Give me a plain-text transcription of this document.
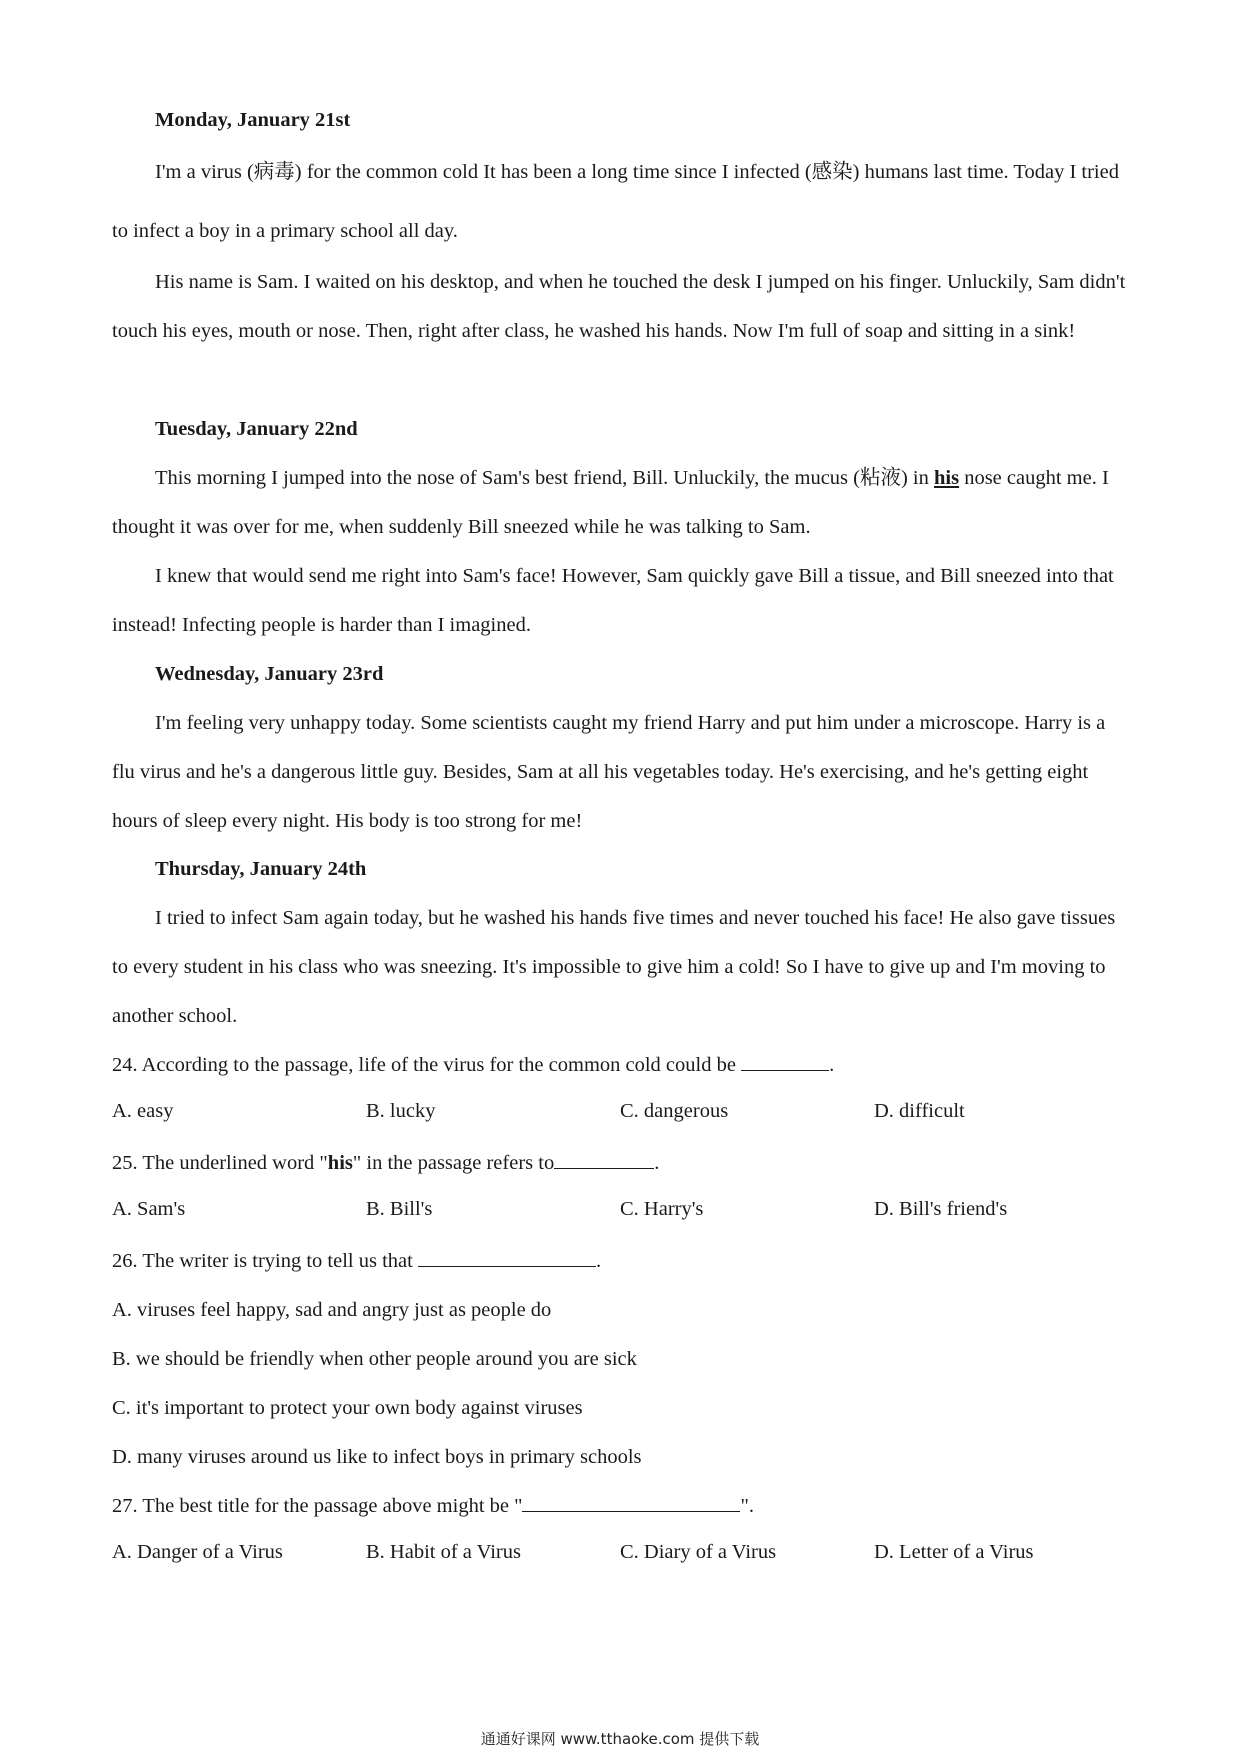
Monday, January 21st
I'm a virus (病毒) for the common cold It has been a long time since I infected (感染) humans last time. Today I tried to infect a boy in a primary school all day.
His name is Sam. I waited on his desktop, and when he touched the desk I jumped on his finger. Unluckily, Sam didn't touch his eyes, mouth or nose. Then, right after class, he washed his hands. Now I'm full of soap and sitting in a sink!
Tuesday, January 22nd
This morning I jumped into the nose of Sam's best friend, Bill. Unluckily, the mucus (粘液) in his nose caught me. I thought it was over for me, when suddenly Bill sneezed while he was talking to Sam.
I knew that would send me right into Sam's face! However, Sam quickly gave Bill a tissue, and Bill sneezed into that instead! Infecting people is harder than I imagined.
Wednesday, January 23rd
I'm feeling very unhappy today. Some scientists caught my friend Harry and put him under a microscope. Harry is a flu virus and he's a dangerous little guy. Besides, Sam at all his vegetables today. He's exercising, and he's getting eight hours of sleep every night. His body is too strong for me!
Thursday, January 24th
I tried to infect Sam again today, but he washed his hands five times and never touched his face! He also gave tissues to every student in his class who was sneezing. It's impossible to give him a cold! So I have to give up and I'm moving to another school.
24. According to the passage, life of the virus for the common cold could be	.
A. easy	B. lucky	C. dangerous	D. difficult
25. The underlined word "his" in the passage refers to	.
A. Sam's	B. Bill's	C. Harry's	D. Bill's friend's
26. The writer is trying to tell us that	.
A. viruses feel happy, sad and angry just as people do
B. we should be friendly when other people around you are sick
C. it's important to protect your own body against viruses
D. many viruses around us like to infect boys in primary schools
27. The best title for the passage above might be "	".
A. Danger of a Virus	B. Habit of a Virus	C. Diary of a Virus	D. Letter of a Virus
通通好课网 www.tthaoke.com 提供下载
